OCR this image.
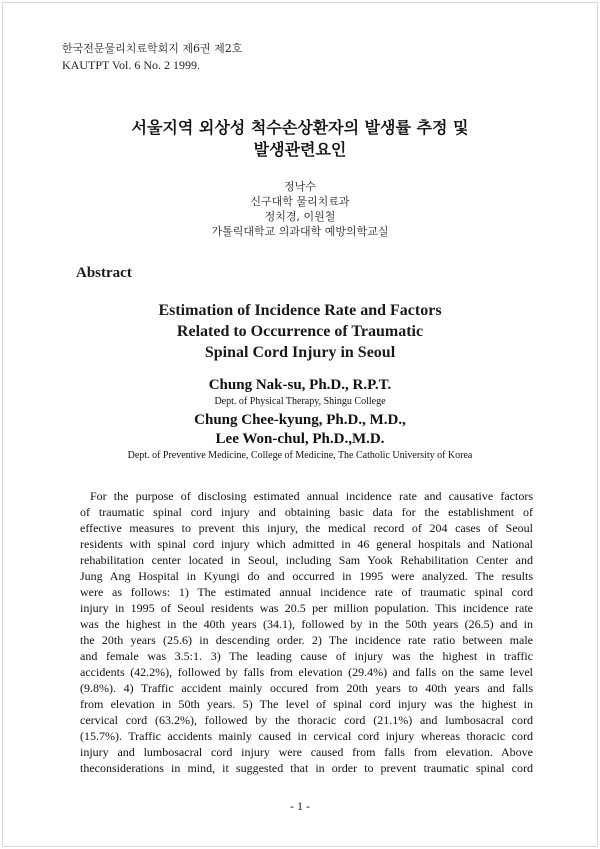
한국전문물리치료학회지 제6권 제2호
KAUTPT Vol. 6 No. 2 1999.
서울지역 외상성 척수손상환자의 발생률 추정 및
발생관련요인
정낙수
신구대학 물리치료과
정치경, 이원철
가톨릭대학교 의과대학 예방의학교실
Abstract
Estimation of Incidence Rate and Factors
Related to Occurrence of Traumatic
Spinal Cord Injury in Seoul
Chung Nak-su, Ph.D., R.P.T.
Dept. of Physical Therapy, Shingu College
Chung Chee-kyung, Ph.D., M.D.,
Lee Won-chul, Ph.D.,M.D.
Dept. of Preventive Medicine, College of Medicine, The Catholic University of Korea
For the purpose of disclosing estimated annual incidence rate and causative factors
of traumatic spinal cord injury and obtaining basic data for the establishment of
effective measures to prevent this injury, the medical record of 204 cases of Seoul
residents with spinal cord injury which admitted in 46 general hospitals and National
rehabilitation center located in Seoul, including Sam Yook Rehabilitation Center and
Jung Ang Hospital in Kyungi do and occurred in 1995 were analyzed. The results
were as follows: 1) The estimated annual incidence rate of traumatic spinal cord
injury in 1995 of Seoul residents was 20.5 per million population. This incidence rate
was the highest in the 40th years (34.1), followed by in the 50th years (26.5) and in
the 20th years (25.6) in descending order. 2) The incidence rate ratio between male
and female was 3.5:1. 3) The leading cause of injury was the highest in traffic
accidents (42.2%), followed by falls from elevation (29.4%) and falls on the same level
(9.8%). 4) Traffic accident mainly occured from 20th years to 40th years and falls
from elevation in 50th years. 5) The level of spinal cord injury was the highest in
cervical cord (63.2%), followed by the thoracic cord (21.1%) and lumbosacral cord
(15.7%). Traffic accidents mainly caused in cervical cord injury whereas thoracic cord
injury and lumbosacral cord injury were caused from falls from elevation. Above
theconsiderations in mind, it suggested that in order to prevent traumatic spinal cord
- 1 -
